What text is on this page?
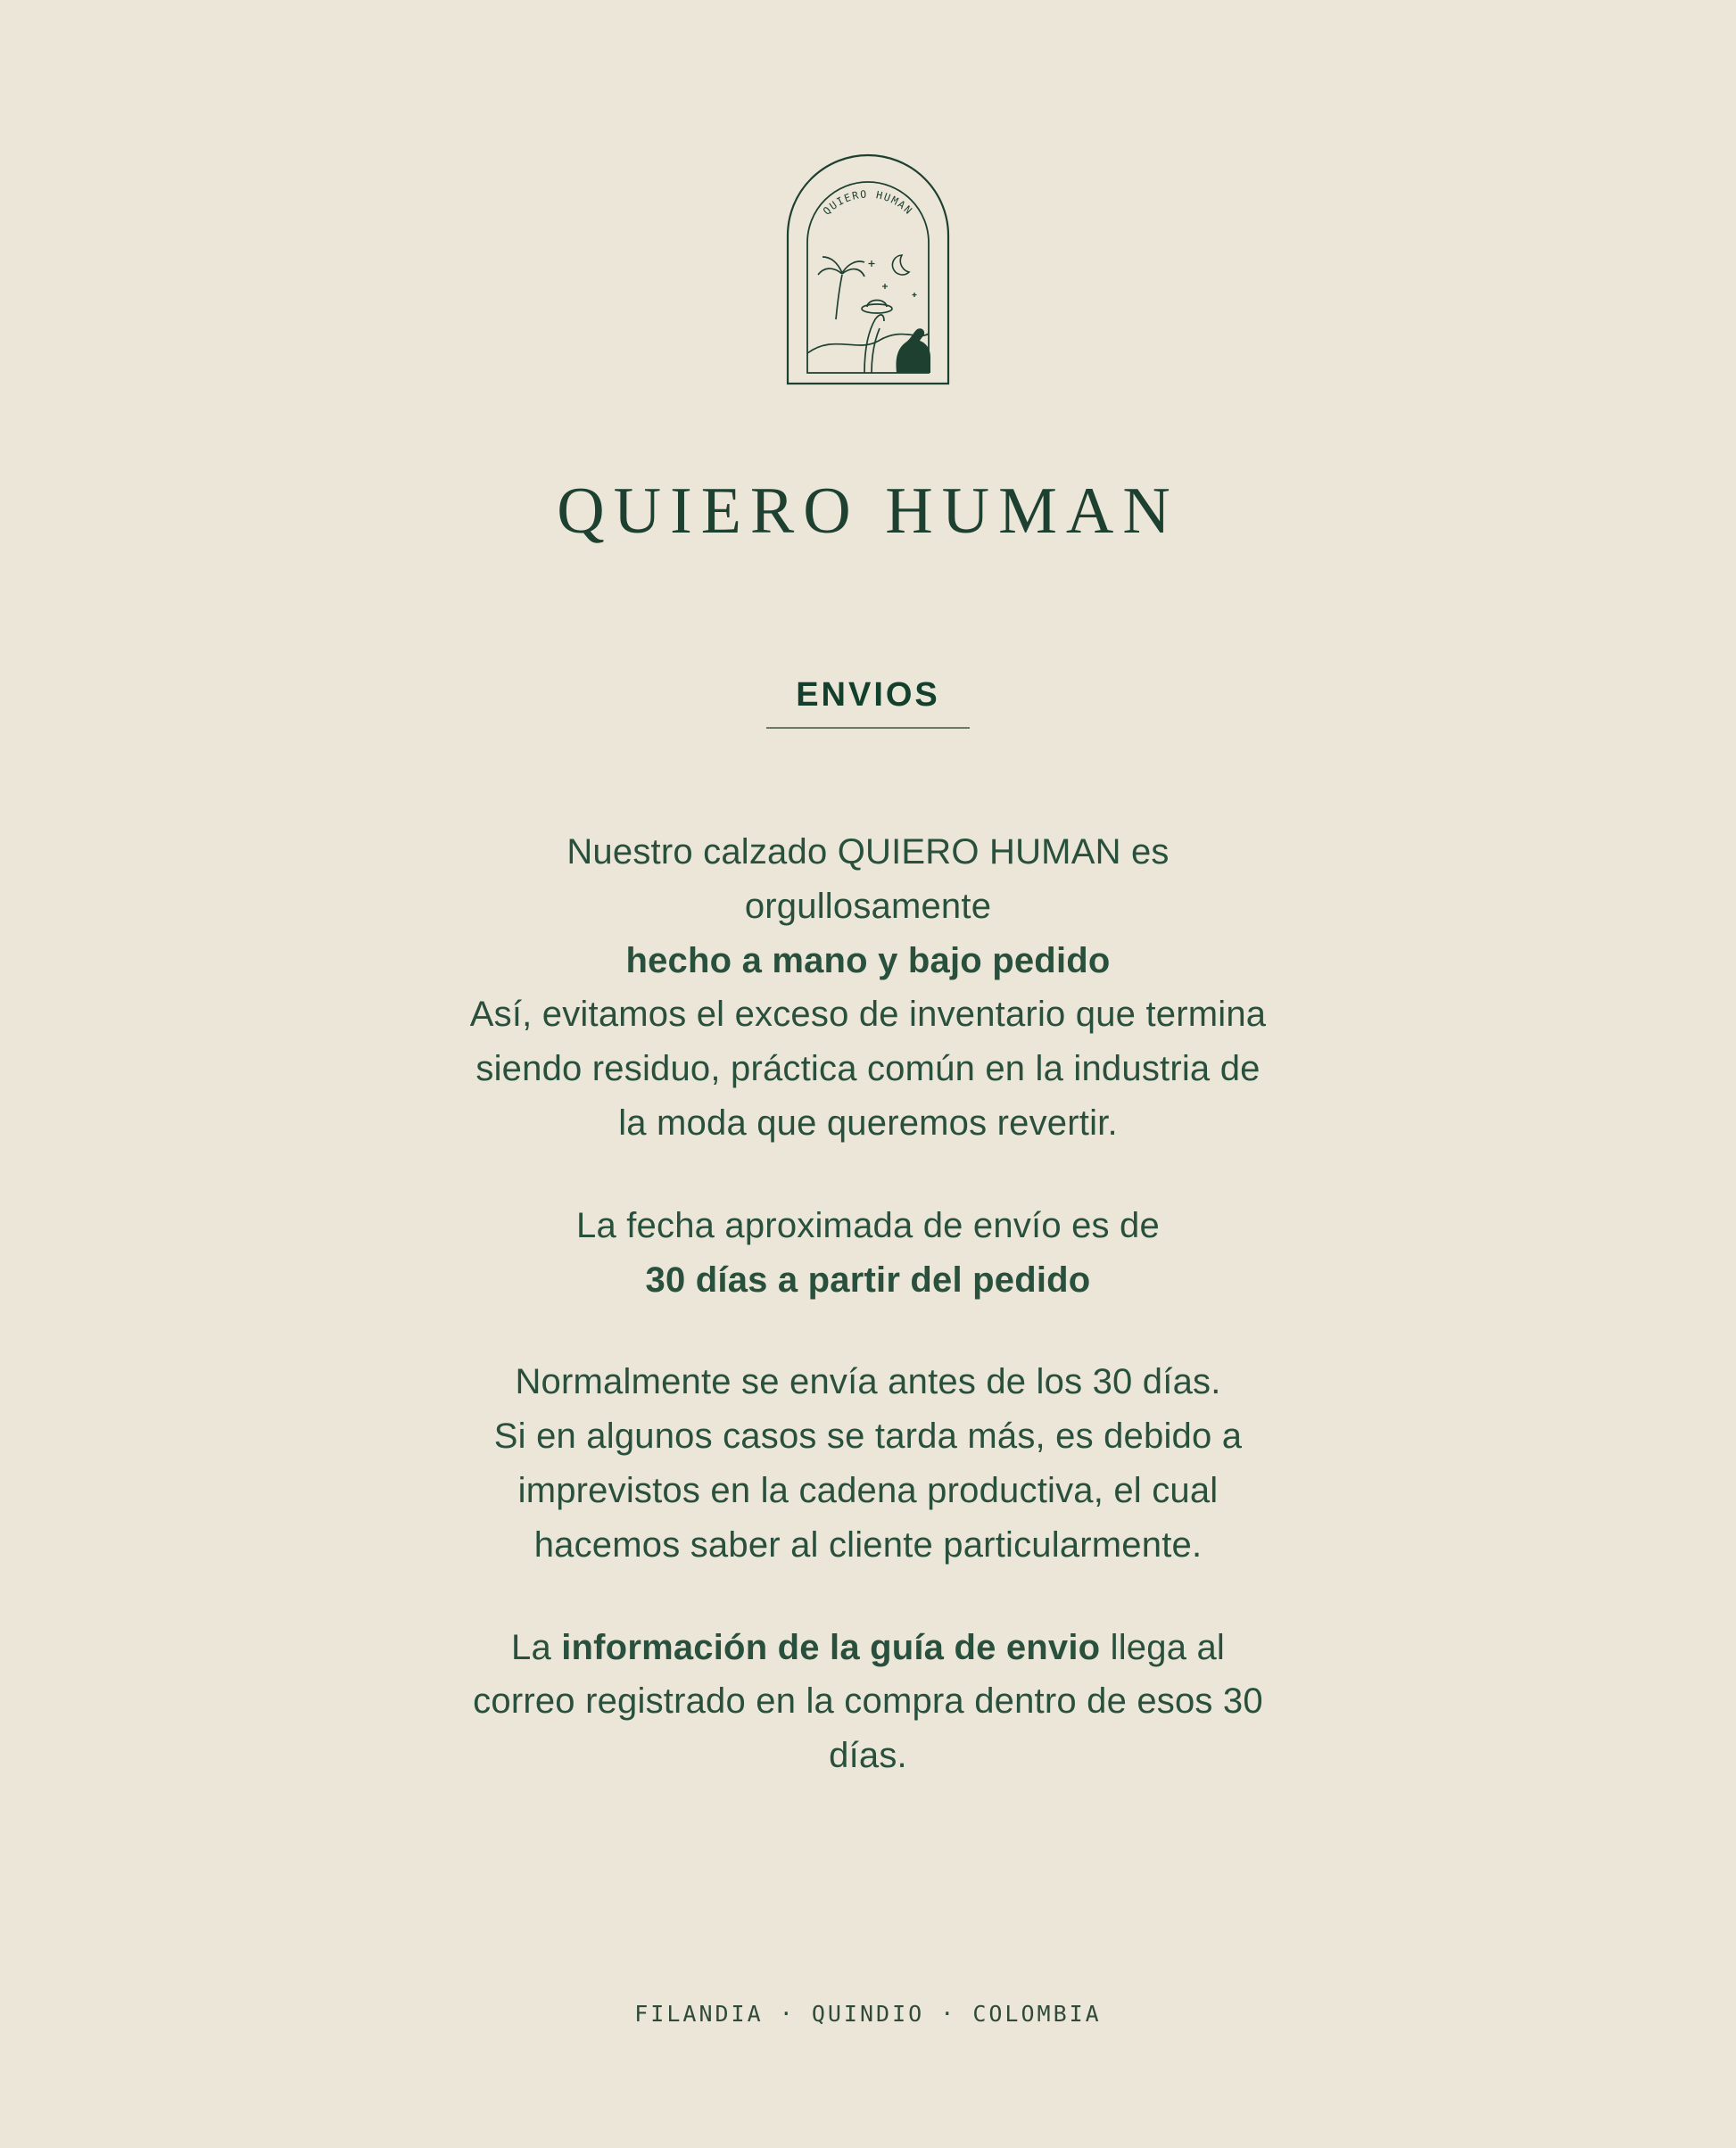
QUIERO HUMAN
QUIERO HUMAN
ENVIOS

Nuestro calzado QUIERO HUMAN es

orgullosamente

hecho a mano y bajo pedido

Así, evitamos el exceso de inventario que termina

siendo residuo, práctica común en la industria de

la moda que queremos revertir.

La fecha aproximada de envío es de

30 días a partir del pedido

Normalmente se envía antes de los 30 días.

Si en algunos casos se tarda más, es debido a

imprevistos en la cadena productiva, el cual

hacemos saber al cliente particularmente.

La información de la guía de envio llega al

correo registrado en la compra dentro de esos 30

días.

FILANDIA · QUINDIO · COLOMBIA
